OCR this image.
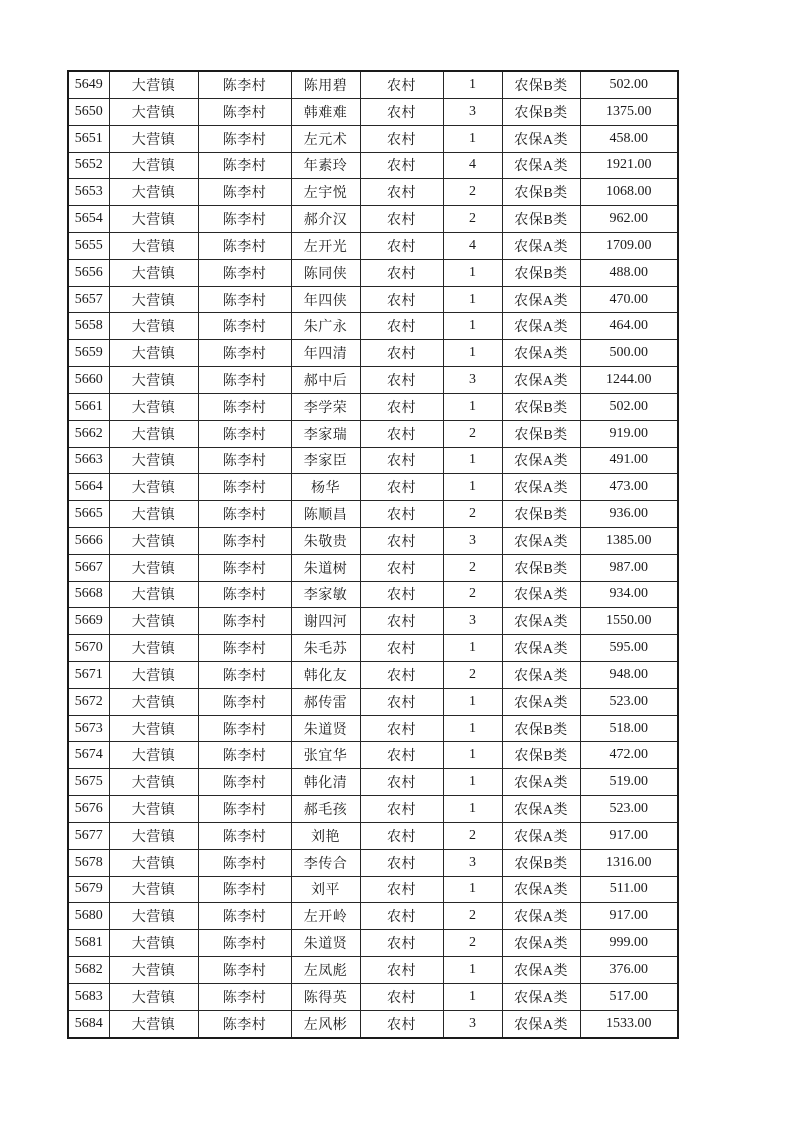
5649	大营镇	陈李村	陈用碧	农村	1	农保B类	502.00
5650	大营镇	陈李村	韩难难	农村	3	农保B类	1375.00
5651	大营镇	陈李村	左元术	农村	1	农保A类	458.00
5652	大营镇	陈李村	年素玲	农村	4	农保A类	1921.00
5653	大营镇	陈李村	左宇悦	农村	2	农保B类	1068.00
5654	大营镇	陈李村	郝介汉	农村	2	农保B类	962.00
5655	大营镇	陈李村	左开光	农村	4	农保A类	1709.00
5656	大营镇	陈李村	陈同侠	农村	1	农保B类	488.00
5657	大营镇	陈李村	年四侠	农村	1	农保A类	470.00
5658	大营镇	陈李村	朱广永	农村	1	农保A类	464.00
5659	大营镇	陈李村	年四清	农村	1	农保A类	500.00
5660	大营镇	陈李村	郝中后	农村	3	农保A类	1244.00
5661	大营镇	陈李村	李学荣	农村	1	农保B类	502.00
5662	大营镇	陈李村	李家瑞	农村	2	农保B类	919.00
5663	大营镇	陈李村	李家臣	农村	1	农保A类	491.00
5664	大营镇	陈李村	杨华	农村	1	农保A类	473.00
5665	大营镇	陈李村	陈顺昌	农村	2	农保B类	936.00
5666	大营镇	陈李村	朱敬贵	农村	3	农保A类	1385.00
5667	大营镇	陈李村	朱道树	农村	2	农保B类	987.00
5668	大营镇	陈李村	李家敏	农村	2	农保A类	934.00
5669	大营镇	陈李村	谢四河	农村	3	农保A类	1550.00
5670	大营镇	陈李村	朱毛苏	农村	1	农保A类	595.00
5671	大营镇	陈李村	韩化友	农村	2	农保A类	948.00
5672	大营镇	陈李村	郝传雷	农村	1	农保A类	523.00
5673	大营镇	陈李村	朱道贤	农村	1	农保B类	518.00
5674	大营镇	陈李村	张宜华	农村	1	农保B类	472.00
5675	大营镇	陈李村	韩化清	农村	1	农保A类	519.00
5676	大营镇	陈李村	郝毛孩	农村	1	农保A类	523.00
5677	大营镇	陈李村	刘艳	农村	2	农保A类	917.00
5678	大营镇	陈李村	李传合	农村	3	农保B类	1316.00
5679	大营镇	陈李村	刘平	农村	1	农保A类	511.00
5680	大营镇	陈李村	左开岭	农村	2	农保A类	917.00
5681	大营镇	陈李村	朱道贤	农村	2	农保A类	999.00
5682	大营镇	陈李村	左凤彪	农村	1	农保A类	376.00
5683	大营镇	陈李村	陈得英	农村	1	农保A类	517.00
5684	大营镇	陈李村	左风彬	农村	3	农保A类	1533.00
